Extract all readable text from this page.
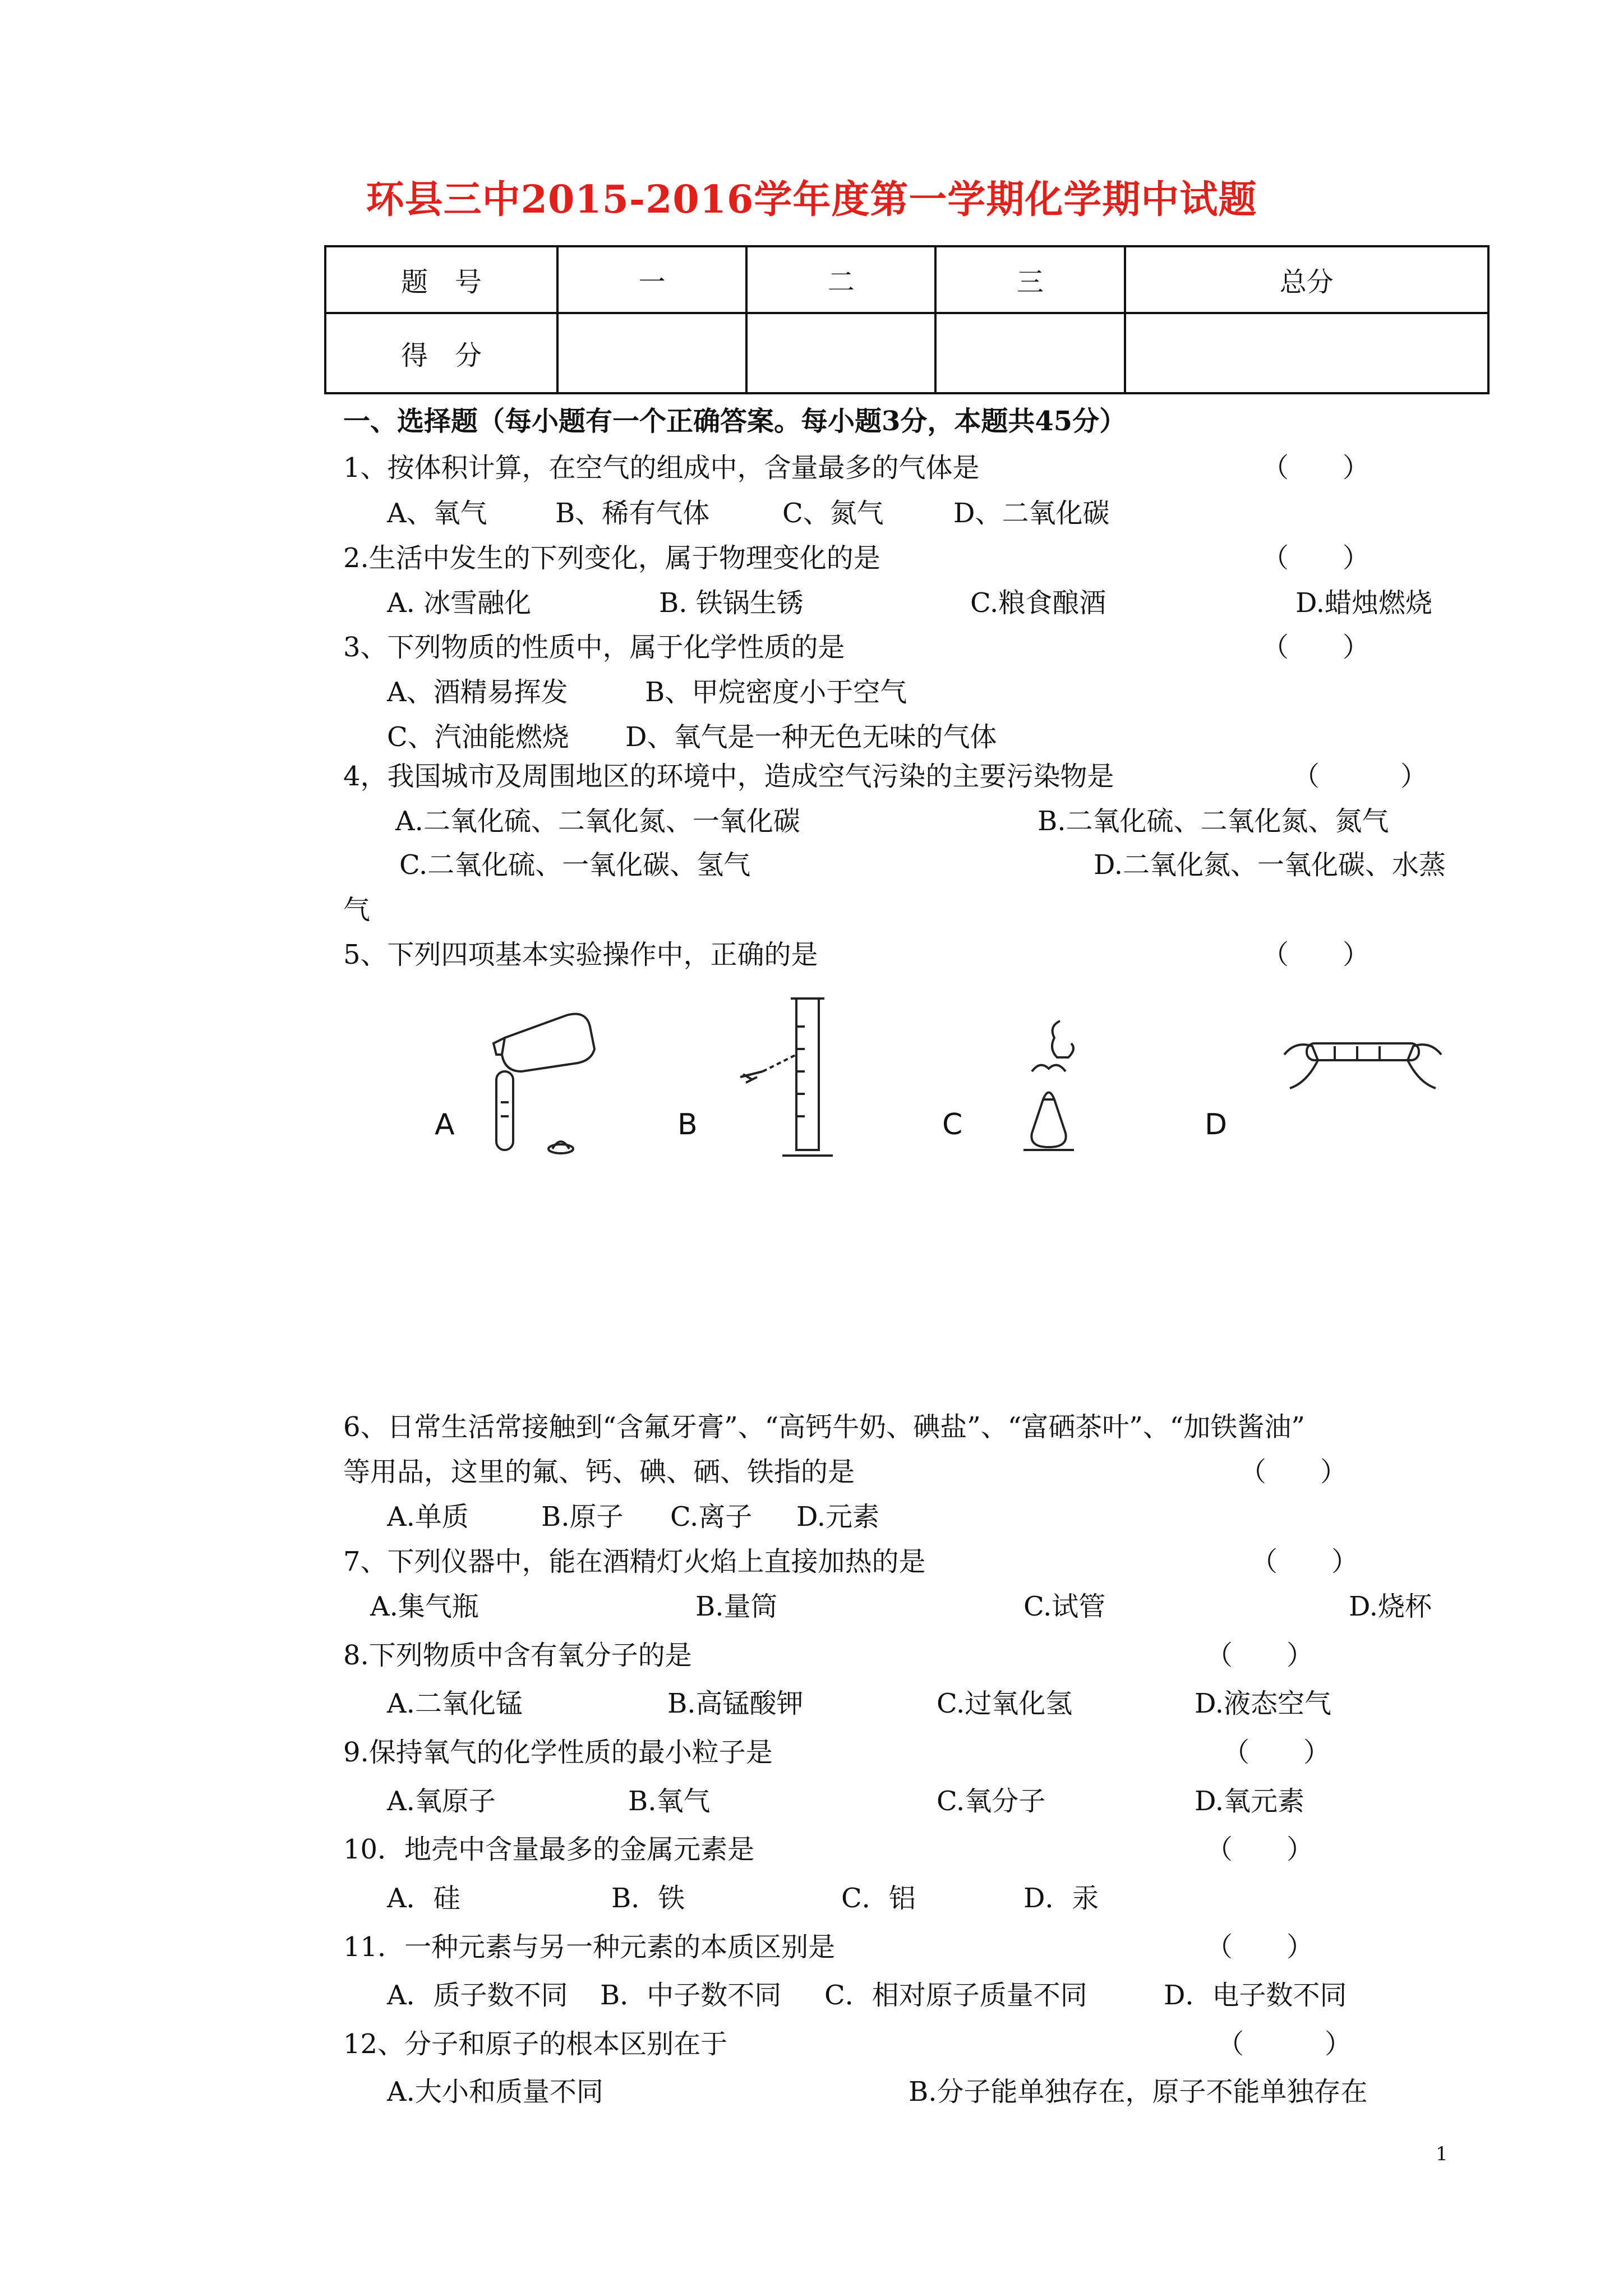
环县三中2015-2016学年度第一学期化学期中试题
题　号	一	二	三	总分
得　分				
一、选择题（每小题有一个正确答案。每小题3分，本题共45分）
1、按体积计算，在空气的组成中，含量最多的气体是	（　　）
A、氧气	B、稀有气体	C、氮气	D、二氧化碳
2.生活中发生的下列变化，属于物理变化的是	（　　）
A. 冰雪融化	B. 铁锅生锈	C.粮食酿酒	D.蜡烛燃烧
3、下列物质的性质中，属于化学性质的是	（　　）
A、酒精易挥发	B、甲烷密度小于空气
C、汽油能燃烧 D、氧气是一种无色无味的气体
4，我国城市及周围地区的环境中，造成空气污染的主要污染物是	（　　　）
A.二氧化硫、二氧化氮、一氧化碳	B.二氧化硫、二氧化氮、氮气
C.二氧化硫、一氧化碳、氢气	D.二氧化氮、一氧化碳、水蒸
气
5、下列四项基本实验操作中，正确的是	（　　）
A	B	C	D
6、日常生活常接触到“含氟牙膏”、“高钙牛奶、碘盐”、“富硒茶叶”、“加铁酱油”
等用品，这里的氟、钙、碘、硒、铁指的是	（　　）
A.单质	B.原子 C.离子 D.元素
7、下列仪器中，能在酒精灯火焰上直接加热的是	（　　）
A.集气瓶	B.量筒	C.试管	D.烧杯
8.下列物质中含有氧分子的是	（　　）
A.二氧化锰	B.高锰酸钾	C.过氧化氢	D.液态空气
9.保持氧气的化学性质的最小粒子是	（　　）
A.氧原子	B.氧气	C.氧分子	D.氧元素
10．地壳中含量最多的金属元素是	（　　）
A．硅	B．铁	C．铝	D．汞
11．一种元素与另一种元素的本质区别是	（　　）
A．质子数不同 B．中子数不同 C．相对原子质量不同	D．电子数不同
12、分子和原子的根本区别在于	（　　　）
A.大小和质量不同	B.分子能单独存在，原子不能单独存在
1
